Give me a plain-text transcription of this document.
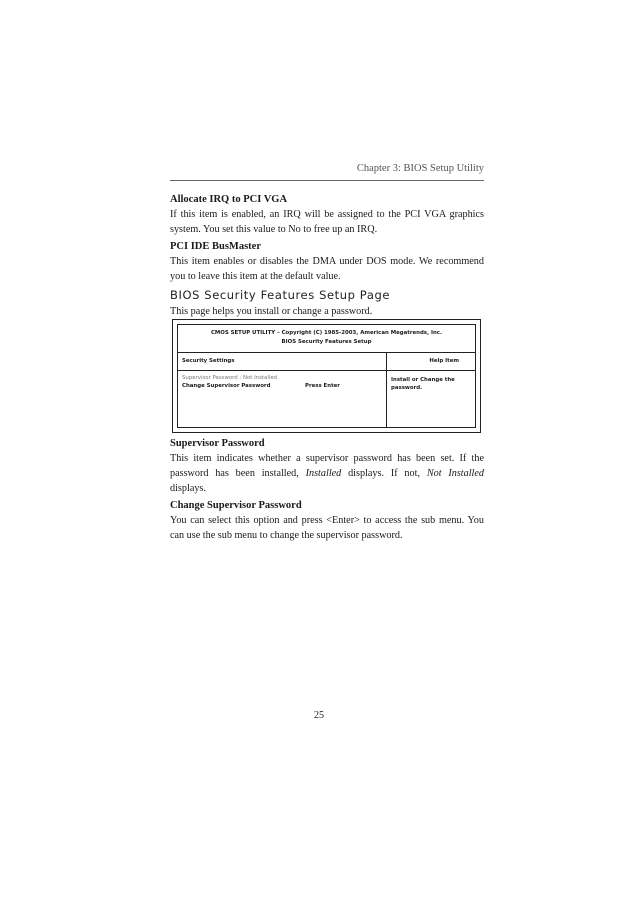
Chapter 3: BIOS Setup Utility

Allocate IRQ to PCI VGA

If this item is enabled, an IRQ will be assigned to the PCI VGA graphics system. You set this value to No to free up an IRQ.

PCI IDE BusMaster

This item enables or disables the DMA under DOS mode. We recommend you to leave this item at the default value.

BIOS Security Features Setup Page

This page helps you install or change a password.

CMOS SETUP UTILITY – Copyright (C) 1985-2003, American Megatrends, Inc.
BIOS Security Features Setup
Security Settings	Help Item
Supervisor Password : Not Installed
Change Supervisor Password	Press Enter
Install or Change the password.

Supervisor Password

This item indicates whether a supervisor password has been set. If the password has been installed, Installed displays. If not, Not Installed displays.

Change Supervisor Password

You can select this option and press <Enter> to access the sub menu. You can use the sub menu to change the supervisor password.

25
